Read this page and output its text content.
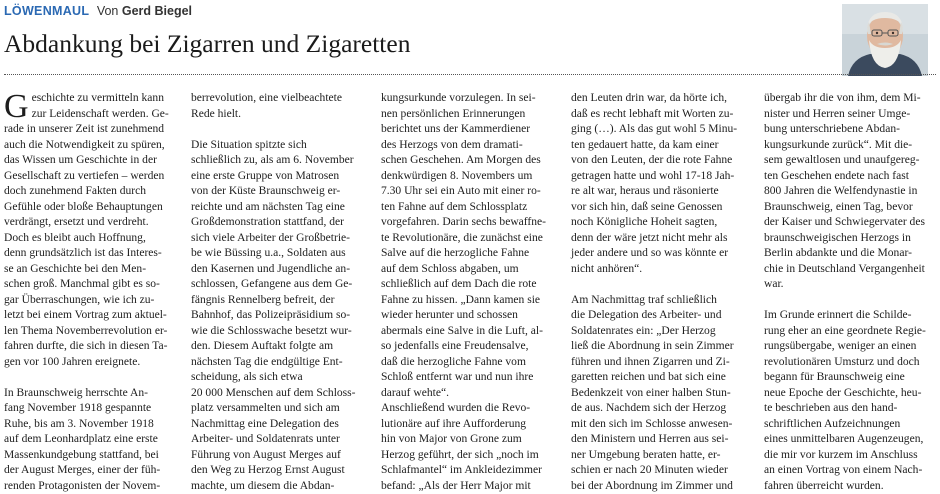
LÖWENMAUL Von Gerd Biegel
Abdankung bei Zigarren und Zigaretten
G eschichte zu vermitteln kann
zur Leidenschaft werden. Ge-
rade in unserer Zeit ist zunehmend
auch die Notwendigkeit zu spüren,
das Wissen um Geschichte in der
Gesellschaft zu vertiefen – werden
doch zunehmend Fakten durch
Gefühle oder bloße Behauptungen
verdrängt, ersetzt und verdreht.
Doch es bleibt auch Hoffnung,
denn grundsätzlich ist das Interes-
se an Geschichte bei den Men-
schen groß. Manchmal gibt es so-
gar Überraschungen, wie ich zu-
letzt bei einem Vortrag zum aktuel-
len Thema Novemberrevolution er-
fahren durfte, die sich in diesen Ta-
gen vor 100 Jahren ereignete.
In Braunschweig herrschte An-
fang November 1918 gespannte
Ruhe, bis am 3. November 1918
auf dem Leonhardplatz eine erste
Massenkundgebung stattfand, bei
der August Merges, einer der füh-
renden Protagonisten der Novem-
berrevolution, eine vielbeachtete
Rede hielt.
Die Situation spitzte sich
schließlich zu, als am 6. November
eine erste Gruppe von Matrosen
von der Küste Braunschweig er-
reichte und am nächsten Tag eine
Großdemonstration stattfand, der
sich viele Arbeiter der Großbetrie-
be wie Büssing u.a., Soldaten aus
den Kasernen und Jugendliche an-
schlossen, Gefangene aus dem Ge-
fängnis Rennelberg befreit, der
Bahnhof, das Polizeipräsidium so-
wie die Schlosswache besetzt wur-
den. Diesem Auftakt folgte am
nächsten Tag die endgültige Ent-
scheidung, als sich etwa
20 000 Menschen auf dem Schloss-
platz versammelten und sich am
Nachmittag eine Delegation des
Arbeiter- und Soldatenrats unter
Führung von August Merges auf
den Weg zu Herzog Ernst August
machte, um diesem die Abdan-
kungsurkunde vorzulegen. In sei-
nen persönlichen Erinnerungen
berichtet uns der Kammerdiener
des Herzogs von dem dramati-
schen Geschehen. Am Morgen des
denkwürdigen 8. Novembers um
7.30 Uhr sei ein Auto mit einer ro-
ten Fahne auf dem Schlossplatz
vorgefahren. Darin sechs bewaffne-
te Revolutionäre, die zunächst eine
Salve auf die herzogliche Fahne
auf dem Schloss abgaben, um
schließlich auf dem Dach die rote
Fahne zu hissen. „Dann kamen sie
wieder herunter und schossen
abermals eine Salve in die Luft, al-
so jedenfalls eine Freudensalve,
daß die herzogliche Fahne vom
Schloß entfernt war und nun ihre
darauf wehte“.
Anschließend wurden die Revo-
lutionäre auf ihre Aufforderung
hin von Major von Grone zum
Herzog geführt, der sich „noch im
Schlafmantel“ im Ankleidezimmer
befand: „Als der Herr Major mit
den Leuten drin war, da hörte ich,
daß es recht lebhaft mit Worten zu-
ging (…). Als das gut wohl 5 Minu-
ten gedauert hatte, da kam einer
von den Leuten, der die rote Fahne
getragen hatte und wohl 17-18 Jah-
re alt war, heraus und räsonierte
vor sich hin, daß seine Genossen
noch Königliche Hoheit sagten,
denn der wäre jetzt nicht mehr als
jeder andere und so was könnte er
nicht anhören“.
Am Nachmittag traf schließlich
die Delegation des Arbeiter- und
Soldatenrates ein: „Der Herzog
ließ die Abordnung in sein Zimmer
führen und ihnen Zigarren und Zi-
garetten reichen und bat sich eine
Bedenkzeit von einer halben Stun-
de aus. Nachdem sich der Herzog
mit den sich im Schlosse anwesen-
den Ministern und Herren aus sei-
ner Umgebung beraten hatte, er-
schien er nach 20 Minuten wieder
bei der Abordnung im Zimmer und
übergab ihr die von ihm, dem Mi-
nister und Herren seiner Umge-
bung unterschriebene Abdan-
kungsurkunde zurück“. Mit die-
sem gewaltlosen und unaufgereg-
ten Geschehen endete nach fast
800 Jahren die Welfendynastie in
Braunschweig, einen Tag, bevor
der Kaiser und Schwiegervater des
braunschweigischen Herzogs in
Berlin abdankte und die Monar-
chie in Deutschland Vergangenheit
war.
Im Grunde erinnert die Schilde-
rung eher an eine geordnete Regie-
rungsübergabe, weniger an einen
revolutionären Umsturz und doch
begann für Braunschweig eine
neue Epoche der Geschichte, heu-
te beschrieben aus den hand-
schriftlichen Aufzeichnungen
eines unmittelbaren Augenzeugen,
die mir vor kurzem im Anschluss
an einen Vortrag von einem Nach-
fahren überreicht wurden.
